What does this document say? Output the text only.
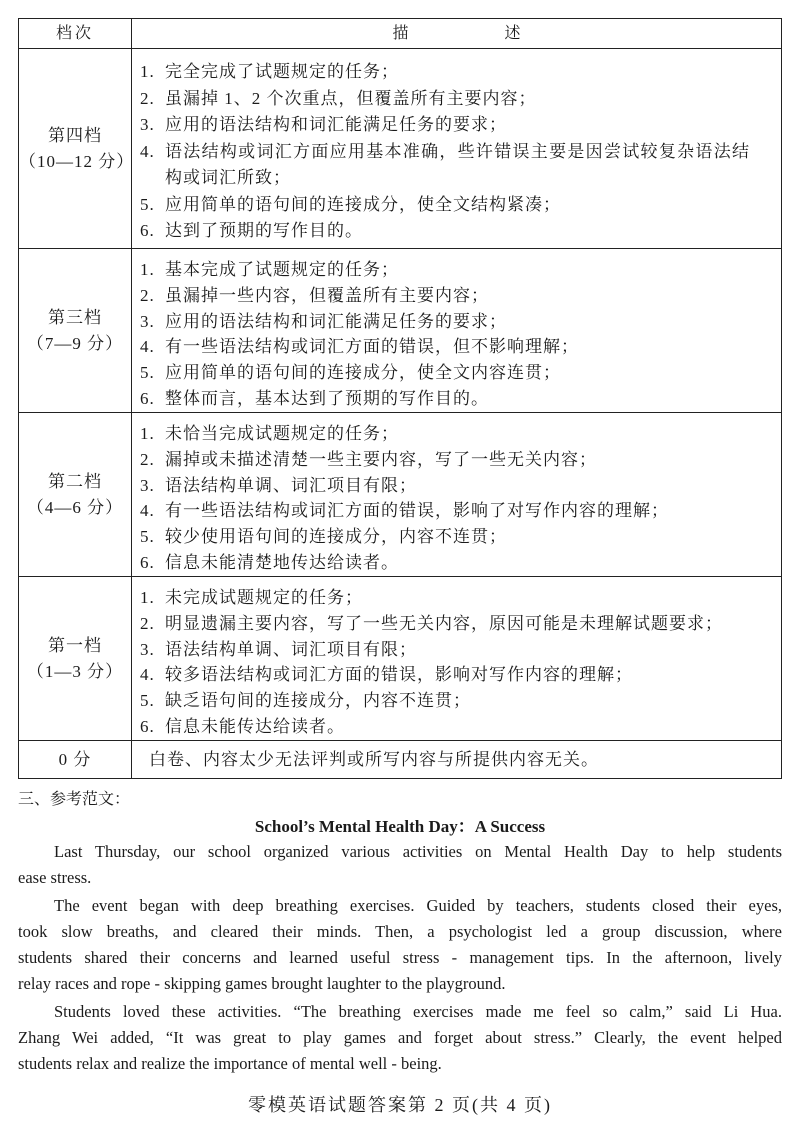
档次	描述
第四档
（10—12 分）
1. 完全完成了试题规定的任务；
2. 虽漏掉 1、2 个次重点，但覆盖所有主要内容；
3. 应用的语法结构和词汇能满足任务的要求；
4. 语法结构或词汇方面应用基本准确，些许错误主要是因尝试较复杂语法结构或词汇所致；
5. 应用简单的语句间的连接成分，使全文结构紧凑；
6. 达到了预期的写作目的。
第三档
（7—9 分）
1. 基本完成了试题规定的任务；
2. 虽漏掉一些内容，但覆盖所有主要内容；
3. 应用的语法结构和词汇能满足任务的要求；
4. 有一些语法结构或词汇方面的错误，但不影响理解；
5. 应用简单的语句间的连接成分，使全文内容连贯；
6. 整体而言，基本达到了预期的写作目的。
第二档
（4—6 分）
1. 未恰当完成试题规定的任务；
2. 漏掉或未描述清楚一些主要内容，写了一些无关内容；
3. 语法结构单调、词汇项目有限；
4. 有一些语法结构或词汇方面的错误，影响了对写作内容的理解；
5. 较少使用语句间的连接成分，内容不连贯；
6. 信息未能清楚地传达给读者。
第一档
（1—3 分）
1. 未完成试题规定的任务；
2. 明显遗漏主要内容，写了一些无关内容，原因可能是未理解试题要求；
3. 语法结构单调、词汇项目有限；
4. 较多语法结构或词汇方面的错误，影响对写作内容的理解；
5. 缺乏语句间的连接成分，内容不连贯；
6. 信息未能传达给读者。
0 分	白卷、内容太少无法评判或所写内容与所提供内容无关。
三、参考范文：
School’s Mental Health Day：A Success
Last Thursday, our school organized various activities on Mental Health Day to help students
ease stress.
The event began with deep breathing exercises. Guided by teachers, students closed their eyes,
took slow breaths, and cleared their minds. Then, a psychologist led a group discussion, where
students shared their concerns and learned useful stress - management tips. In the afternoon, lively
relay races and rope - skipping games brought laughter to the playground.
Students loved these activities. “The breathing exercises made me feel so calm,” said Li Hua.
Zhang Wei added, “It was great to play games and forget about stress.” Clearly, the event helped
students relax and realize the importance of mental well - being.
零模英语试题答案第 2 页(共 4 页)
